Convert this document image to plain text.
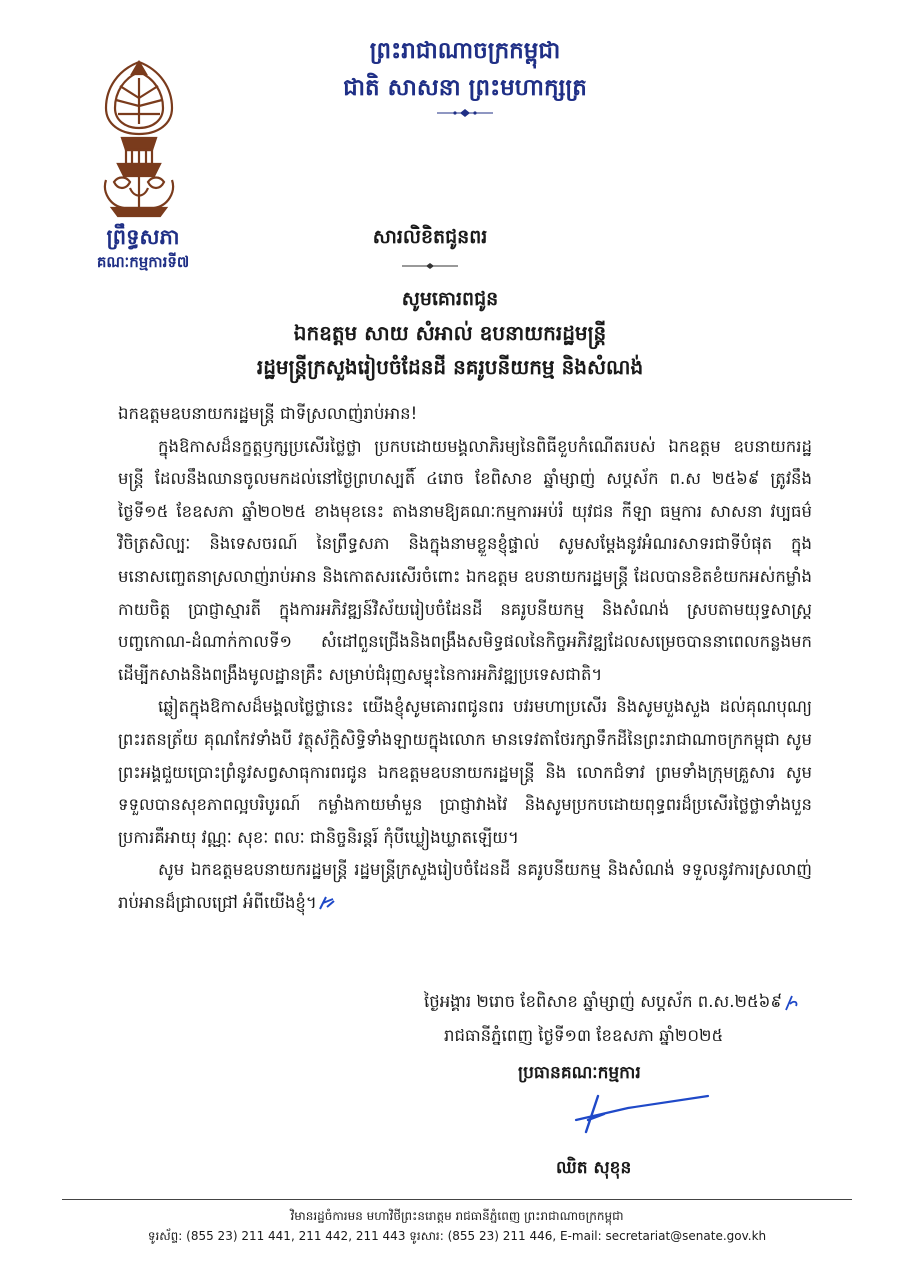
ព្រះរាជាណាចក្រកម្ពុជា
ជាតិ សាសនា ព្រះមហាក្សត្រ
ព្រឹទ្ធសភា
គណៈកម្មការទី៧
សារលិខិតជូនពរ
សូមគោរពជូន
ឯកឧត្តម សាយ សំអាល់ ឧបនាយករដ្ឋមន្ត្រី
រដ្ឋមន្ត្រីក្រសួងរៀបចំដែនដី នគរូបនីយកម្ម និងសំណង់

ឯកឧត្តមឧបនាយករដ្ឋមន្ត្រី ជាទីស្រលាញ់រាប់អាន!

ក្នុងឱកាសដ៏នក្ខត្តឫក្សប្រសើរថ្លៃថ្លា ប្រកបដោយមង្គលាភិរម្យនៃពិធីខួបកំណើតរបស់ ឯកឧត្តម ឧបនាយករដ្ឋមន្ត្រី ដែលនឹងឈានចូលមកដល់នៅថ្ងៃព្រហស្បតិ៍ ៤រោច ខែពិសាខ ឆ្នាំម្សាញ់ សប្តស័ក ព.ស ២៥៦៩ ត្រូវនឹងថ្ងៃទី១៥ ខែឧសភា ឆ្នាំ២០២៥ ខាងមុខនេះ តាងនាមឱ្យគណៈកម្មការអប់រំ យុវជន កីឡា ធម្មការ សាសនា វប្បធម៌ វិចិត្រសិល្បៈ និងទេសចរណ៍ នៃព្រឹទ្ធសភា និងក្នុងនាមខ្លួនខ្ញុំផ្ទាល់ សូមសម្តែងនូវអំណរសាទរជាទីបំផុត ក្នុងមនោសញ្ចេតនាស្រលាញ់រាប់អាន និងកោតសរសើរចំពោះ ឯកឧត្តម ឧបនាយករដ្ឋមន្ត្រី ដែលបានខិតខំយកអស់កម្លាំងកាយចិត្ត ប្រាជ្ញាស្មារតី ក្នុងការអភិវឌ្ឍន៍វិស័យរៀបចំដែនដី នគរូបនីយកម្ម និងសំណង់ ស្របតាមយុទ្ធសាស្ត្របញ្ចកោណ-ដំណាក់កាលទី១ សំដៅពួនជ្រើងនិងពង្រឹងសមិទ្ធផលនៃកិច្ចអភិវឌ្ឍដែលសម្រេចបាននាពេលកន្លងមក ដើម្បីកសាងនិងពង្រឹងមូលដ្ឋានគ្រឹះ សម្រាប់ជំរុញសម្ទុះនៃការអភិវឌ្ឍប្រទេសជាតិ។

ឆ្លៀតក្នុងឱកាសដ៏មង្គលថ្លៃថ្លានេះ យើងខ្ញុំសូមគោរពជូនពរ បវរមហាប្រសើរ និងសូមបួងសួង ដល់គុណបុណ្យព្រះរតនត្រ័យ គុណកែវទាំងបី វត្ថុស័ក្តិសិទ្ធិទាំងឡាយក្នុងលោក មានទេវតាថែរក្សាទឹកដីនៃព្រះរាជាណាចក្រកម្ពុជា សូមព្រះអង្គជួយប្រោះព្រំនូវសព្វសាធុការពរជូន ឯកឧត្តមឧបនាយករដ្ឋមន្ត្រី និង លោកជំទាវ ព្រមទាំងក្រុមគ្រួសារ សូមទទួលបានសុខភាពល្អបរិបូរណ៍ កម្លាំងកាយមាំមួន ប្រាជ្ញាវាងវៃ និងសូមប្រកបដោយពុទ្ធពរដ៏ប្រសើរថ្លៃថ្លាទាំងបួនប្រការគឺអាយុ វណ្ណៈ សុខៈ ពលៈ ជានិច្ចនិរន្តរ៍ កុំបីឃ្លៀងឃ្លាតឡើយ។

សូម ឯកឧត្តមឧបនាយករដ្ឋមន្ត្រី រដ្ឋមន្ត្រីក្រសួងរៀបចំដែនដី នគរូបនីយកម្ម និងសំណង់ ទទួលនូវការស្រលាញ់រាប់អានដ៏ជ្រាលជ្រៅ អំពីយើងខ្ញុំ។

ថ្ងៃអង្គារ ២រោច ខែពិសាខ ឆ្នាំម្សាញ់ សប្តស័ក ព.ស.២៥៦៩
រាជធានីភ្នំពេញ ថ្ងៃទី១៣ ខែឧសភា ឆ្នាំ២០២៥
ប្រធានគណៈកម្មការ
ឈិត សុខុន
វិមានរដ្ឋចំការមន មហាវិថីព្រះនរោត្តម រាជធានីភ្នំពេញ ព្រះរាជាណាចក្រកម្ពុជា
ទូរស័ព្ទ: (855 23) 211 441, 211 442, 211 443 ទូរសារ: (855 23) 211 446, E-mail: secretariat@senate.gov.kh
